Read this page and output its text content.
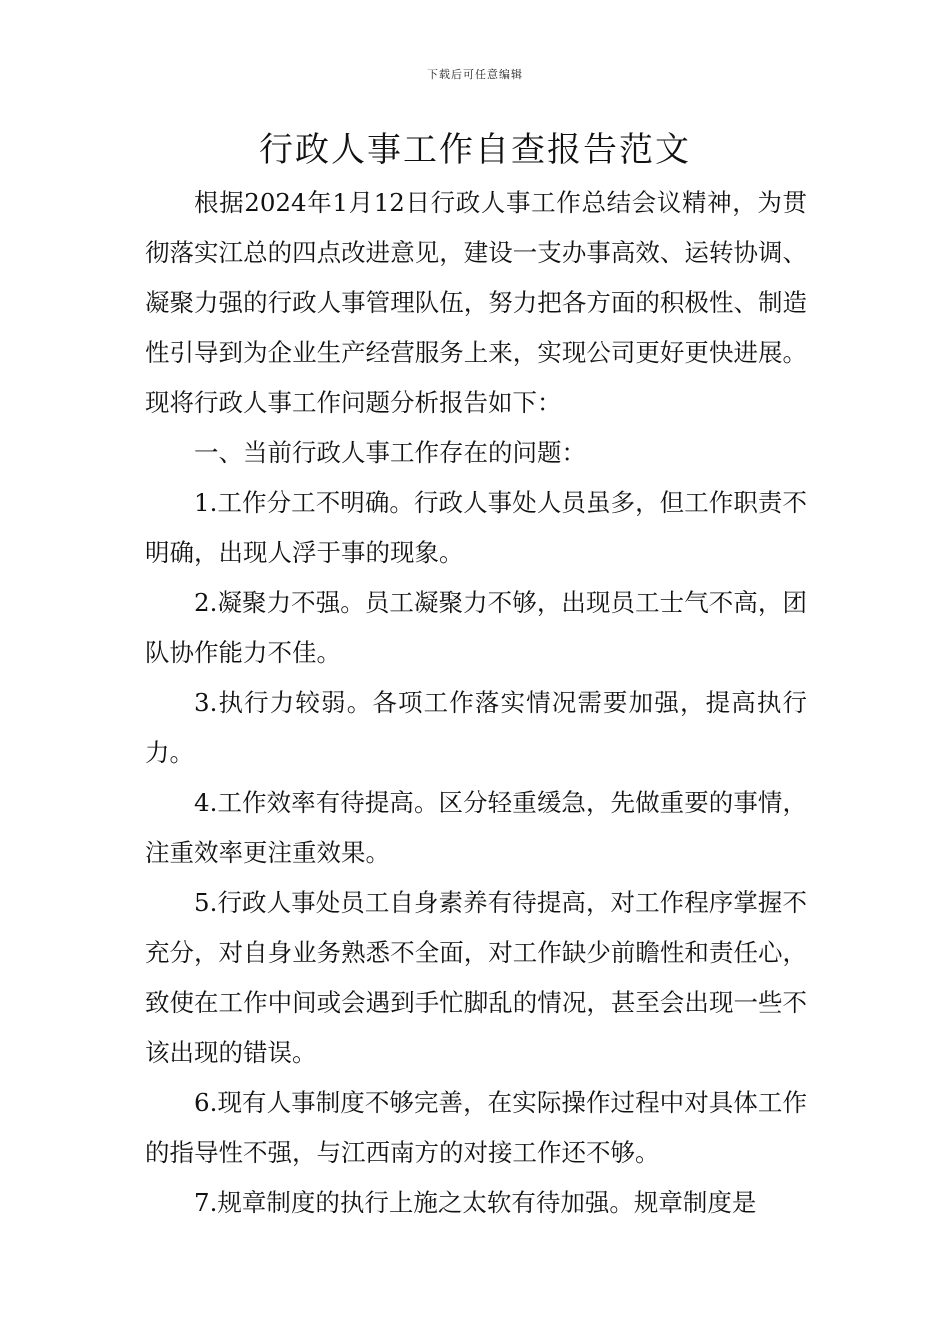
下载后可任意编辑
行政人事工作自查报告范文

根据2024年1月12日行政人事工作总结会议精神，为贯彻落实江总的四点改进意见，建设一支办事高效、运转协调、凝聚力强的行政人事管理队伍，努力把各方面的积极性、制造性引导到为企业生产经营服务上来，实现公司更好更快进展。现将行政人事工作问题分析报告如下：

一、当前行政人事工作存在的问题：

1.工作分工不明确。行政人事处人员虽多，但工作职责不明确，出现人浮于事的现象。

2.凝聚力不强。员工凝聚力不够，出现员工士气不高，团队协作能力不佳。

3.执行力较弱。各项工作落实情况需要加强，提高执行力。

4.工作效率有待提高。区分轻重缓急，先做重要的事情，注重效率更注重效果。

5.行政人事处员工自身素养有待提高，对工作程序掌握不充分，对自身业务熟悉不全面，对工作缺少前瞻性和责任心，致使在工作中间或会遇到手忙脚乱的情况，甚至会出现一些不该出现的错误。

6.现有人事制度不够完善，在实际操作过程中对具体工作的指导性不强，与江西南方的对接工作还不够。

7.规章制度的执行上施之太软有待加强。规章制度是
